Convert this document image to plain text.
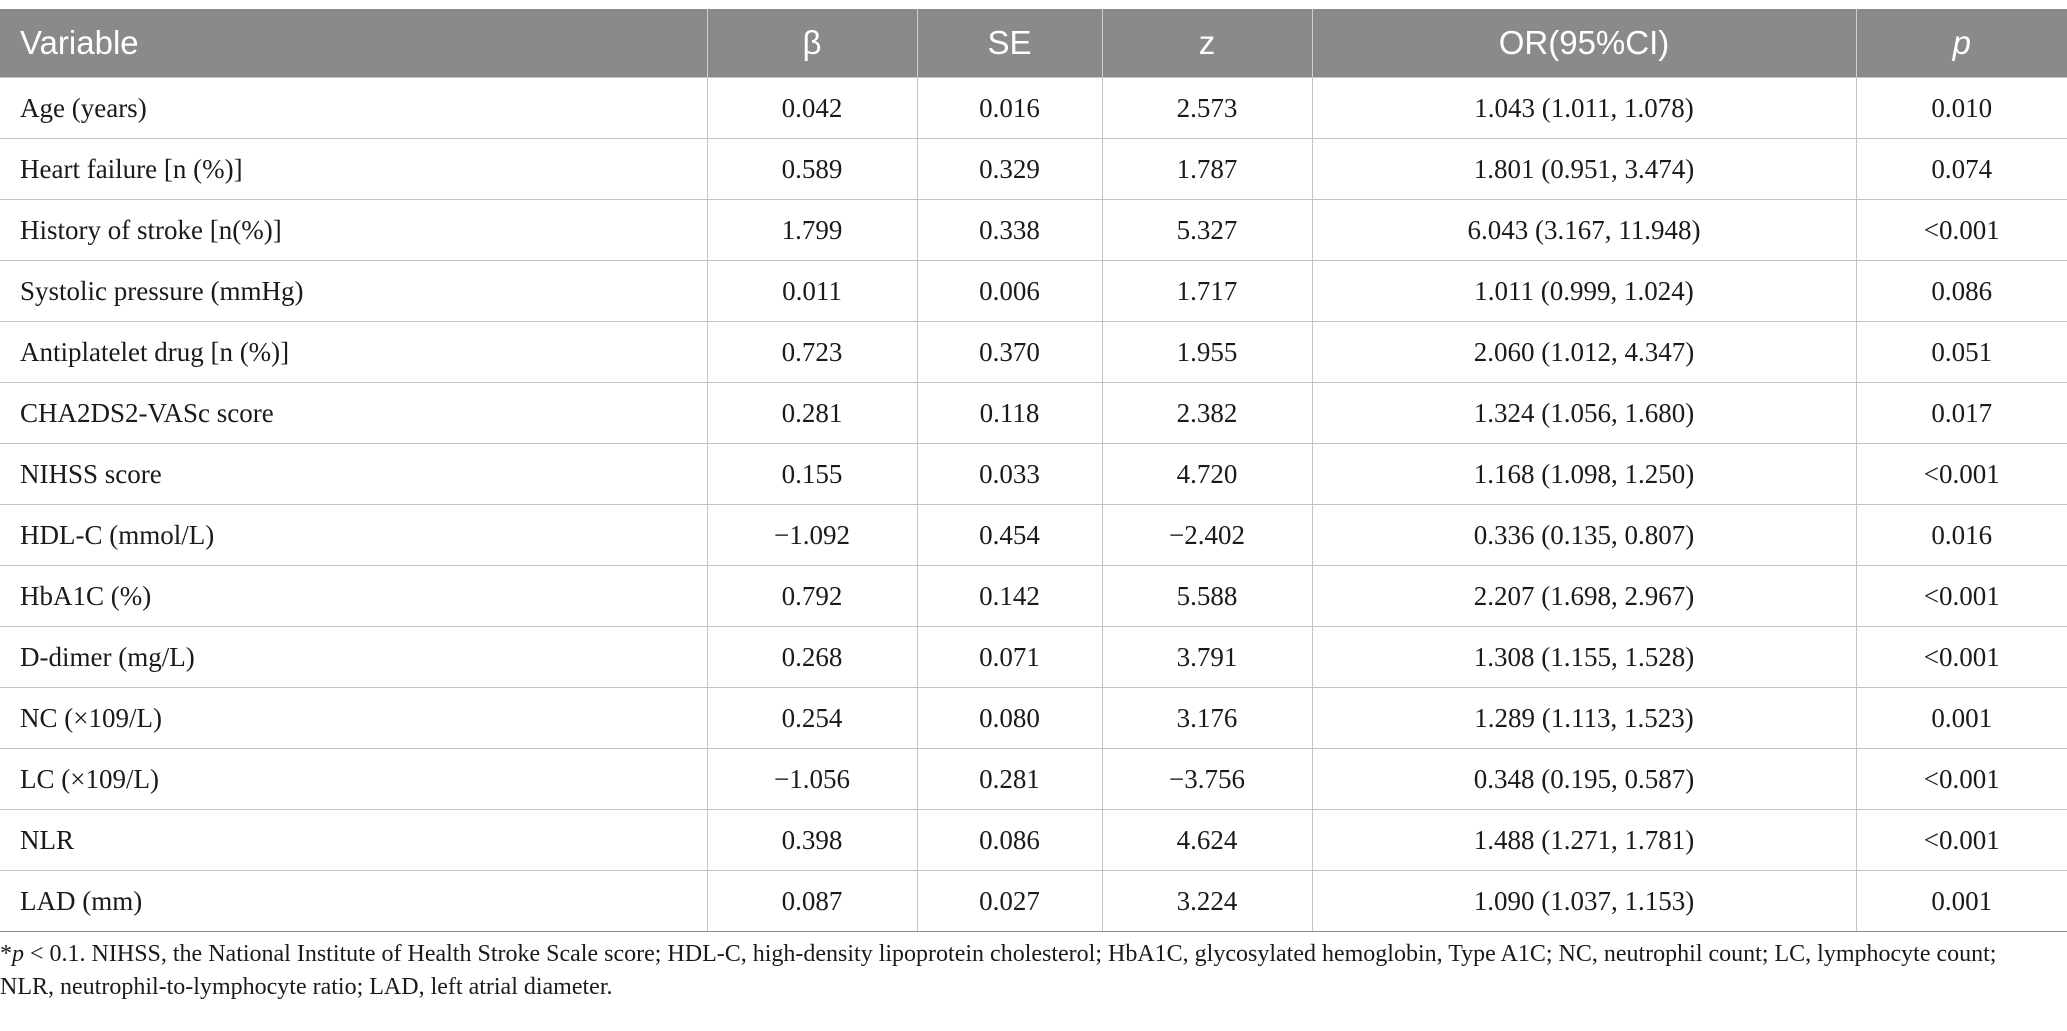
Variable	β	SE	z	OR(95%CI)	p
Age (years)	0.042	0.016	2.573	1.043 (1.011, 1.078)	0.010
Heart failure [n (%)]	0.589	0.329	1.787	1.801 (0.951, 3.474)	0.074
History of stroke [n(%)]	1.799	0.338	5.327	6.043 (3.167, 11.948)	<0.001
Systolic pressure (mmHg)	0.011	0.006	1.717	1.011 (0.999, 1.024)	0.086
Antiplatelet drug [n (%)]	0.723	0.370	1.955	2.060 (1.012, 4.347)	0.051
CHA2DS2-VASc score	0.281	0.118	2.382	1.324 (1.056, 1.680)	0.017
NIHSS score	0.155	0.033	4.720	1.168 (1.098, 1.250)	<0.001
HDL-C (mmol/L)	−1.092	0.454	−2.402	0.336 (0.135, 0.807)	0.016
HbA1C (%)	0.792	0.142	5.588	2.207 (1.698, 2.967)	<0.001
D-dimer (mg/L)	0.268	0.071	3.791	1.308 (1.155, 1.528)	<0.001
NC (×109/L)	0.254	0.080	3.176	1.289 (1.113, 1.523)	0.001
LC (×109/L)	−1.056	0.281	−3.756	0.348 (0.195, 0.587)	<0.001
NLR	0.398	0.086	4.624	1.488 (1.271, 1.781)	<0.001
LAD (mm)	0.087	0.027	3.224	1.090 (1.037, 1.153)	0.001
*p < 0.1. NIHSS, the National Institute of Health Stroke Scale score; HDL-C, high-density lipoprotein cholesterol; HbA1C, glycosylated hemoglobin, Type A1C; NC, neutrophil count; LC, lymphocyte count; NLR, neutrophil-to-lymphocyte ratio; LAD, left atrial diameter.
